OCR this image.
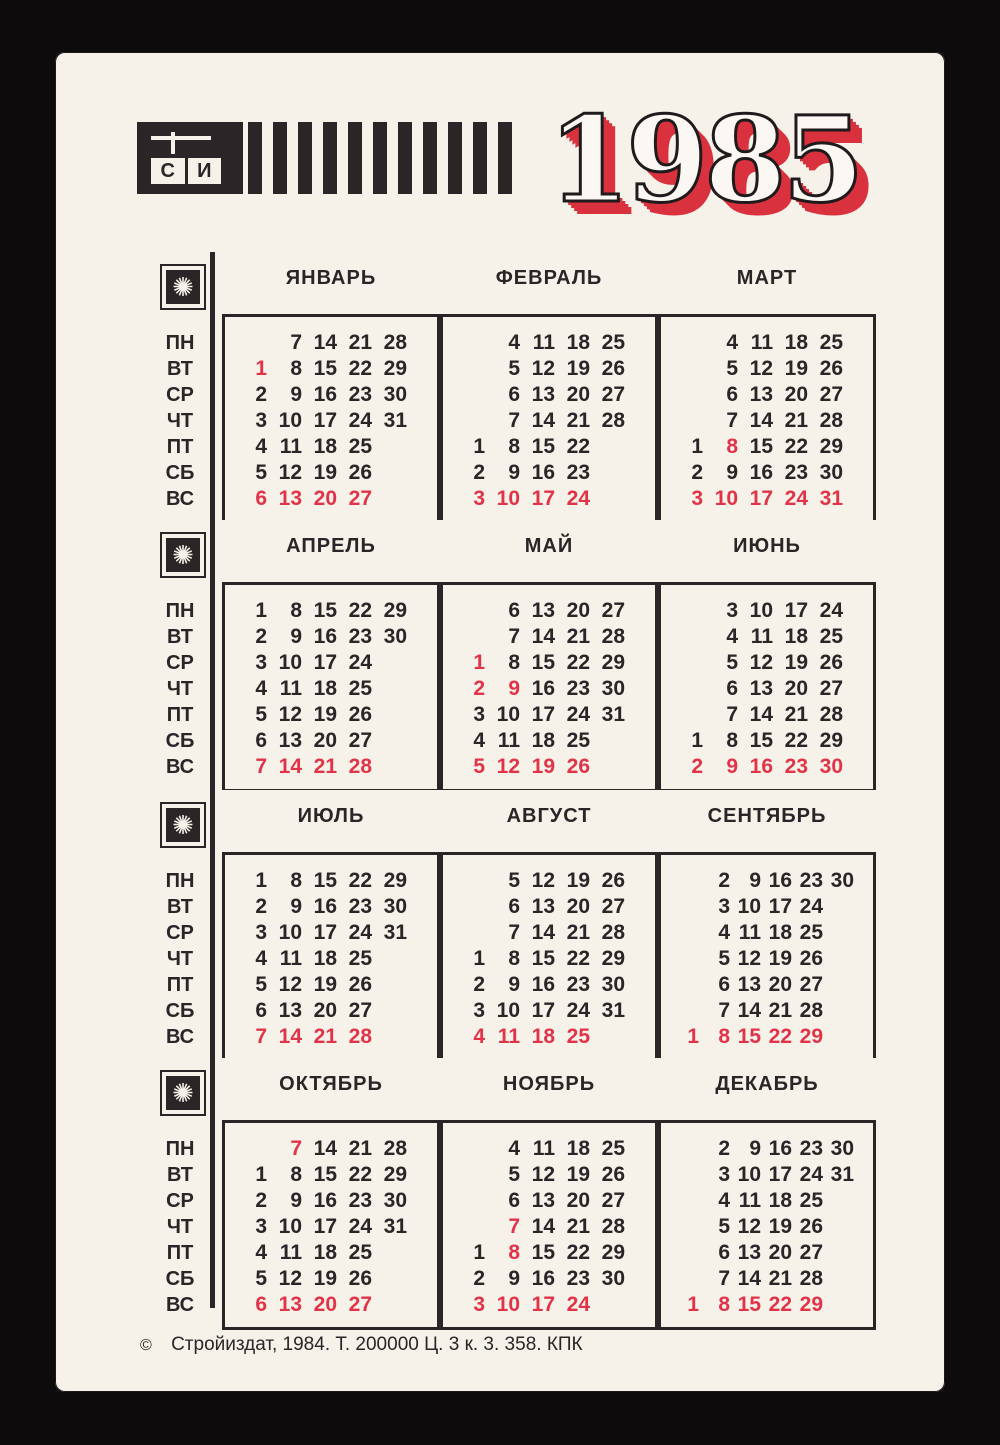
С	И	1985
✺
ПН
ВТ
СР
ЧТ
ПТ
СБ
ВС
ЯНВАРЬ
1
2
3
4
5
6
7
8
9
10
11
12
13
14
15
16
17
18
19
20
21
22
23
24
25
26
27
28
29
30
31
ФЕВРАЛЬ
1
2
3
4
5
6
7
8
9
10
11
12
13
14
15
16
17
18
19
20
21
22
23
24
25
26
27
28
МАРТ
1
2
3
4
5
6
7
8
9
10
11
12
13
14
15
16
17
18
19
20
21
22
23
24
25
26
27
28
29
30
31
✺
ПН
ВТ
СР
ЧТ
ПТ
СБ
ВС
АПРЕЛЬ
1
2
3
4
5
6
7
8
9
10
11
12
13
14
15
16
17
18
19
20
21
22
23
24
25
26
27
28
29
30
МАЙ
1
2
3
4
5
6
7
8
9
10
11
12
13
14
15
16
17
18
19
20
21
22
23
24
25
26
27
28
29
30
31
ИЮНЬ
1
2
3
4
5
6
7
8
9
10
11
12
13
14
15
16
17
18
19
20
21
22
23
24
25
26
27
28
29
30
✺
ПН
ВТ
СР
ЧТ
ПТ
СБ
ВС
ИЮЛЬ
1
2
3
4
5
6
7
8
9
10
11
12
13
14
15
16
17
18
19
20
21
22
23
24
25
26
27
28
29
30
31
АВГУСТ
1
2
3
4
5
6
7
8
9
10
11
12
13
14
15
16
17
18
19
20
21
22
23
24
25
26
27
28
29
30
31
СЕНТЯБРЬ
1
2
3
4
5
6
7
8
9
10
11
12
13
14
15
16
17
18
19
20
21
22
23
24
25
26
27
28
29
30
✺
ПН
ВТ
СР
ЧТ
ПТ
СБ
ВС
ОКТЯБРЬ
1
2
3
4
5
6
7
8
9
10
11
12
13
14
15
16
17
18
19
20
21
22
23
24
25
26
27
28
29
30
31
НОЯБРЬ
1
2
3
4
5
6
7
8
9
10
11
12
13
14
15
16
17
18
19
20
21
22
23
24
25
26
27
28
29
30
ДЕКАБРЬ
1
2
3
4
5
6
7
8
9
10
11
12
13
14
15
16
17
18
19
20
21
22
23
24
25
26
27
28
29
30
31
© Стройиздат, 1984. Т. 200000 Ц. 3 к. 3. 358. КПК
